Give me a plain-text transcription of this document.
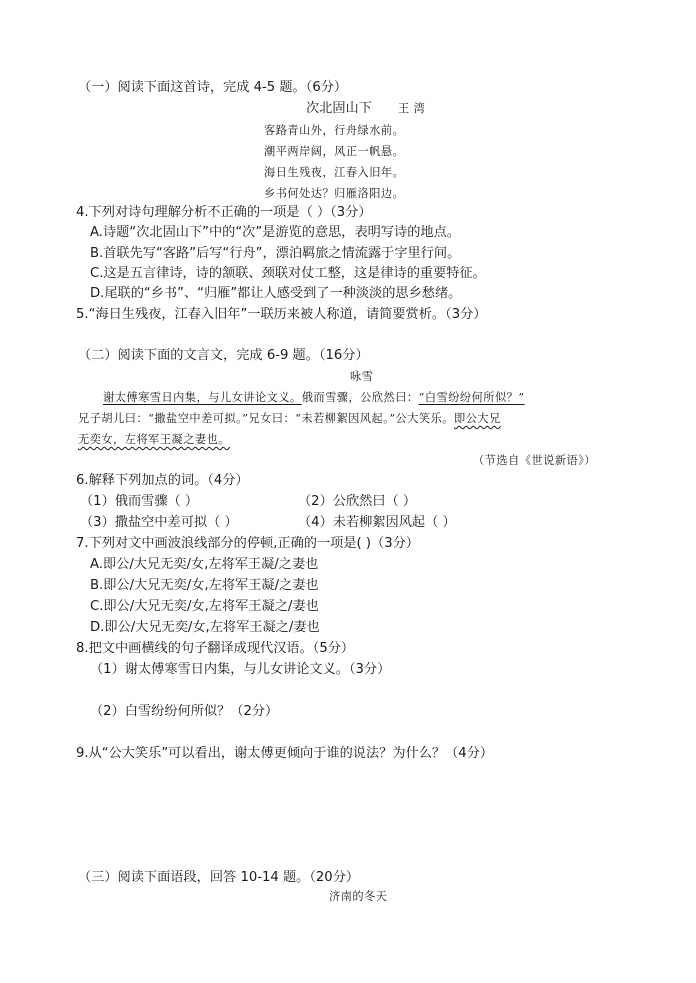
（一）阅读下面这首诗，完成 4-5 题。（6分）
次北固山下 王 湾
客路青山外，行舟绿水前。
潮平两岸阔，风正一帆悬。
海日生残夜，江春入旧年。
乡书何处达？归雁洛阳边。
4.下列对诗句理解分析不正确的一项是（ ）（3分）
A.诗题“次北固山下”中的“次”是游览的意思，表明写诗的地点。
B.首联先写“客路”后写“行舟”，漂泊羁旅之情流露于字里行间。
C.这是五言律诗，诗的颔联、颈联对仗工整，这是律诗的重要特征。
D.尾联的“乡书”、“归雁”都让人感受到了一种淡淡的思乡愁绪。
5.“海日生残夜，江春入旧年”一联历来被人称道，请简要赏析。（3分）
（二）阅读下面的文言文，完成 6-9 题。（16分）
咏雪
谢太傅寒雪日内集，与儿女讲论文义。俄而雪骤，公欣然曰：“白雪纷纷何所似？”
兄子胡儿曰：“撒盐空中差可拟。”兄女曰：“未若柳絮因风起。”公大笑乐。即公大兄
无奕女，左将军王凝之妻也。
（节选自《世说新语》）
6.解释下列加点的词。（4分）
（1）俄而雪骤（ ）	（2）公欣然曰（ ）
（3）撒盐空中差可拟（ ）	（4）未若柳絮因风起（ ）
7.下列对文中画波浪线部分的停顿,正确的一项是( )（3分）
A.即公/大兄无奕/女,左将军王凝/之妻也
B.即公/大兄无奕/女,左将军王凝/之妻也
C.即公/大兄无奕/女,左将军王凝之/妻也
D.即公/大兄无奕/女,左将军王凝之/妻也
8.把文中画横线的句子翻译成现代汉语。（5分）
（1）谢太傅寒雪日内集，与儿女讲论文义。（3分）
（2）白雪纷纷何所似？（2分）
9.从“公大笑乐”可以看出，谢太傅更倾向于谁的说法？为什么？（4分）
（三）阅读下面语段，回答 10-14 题。（20分）
济南的冬天
